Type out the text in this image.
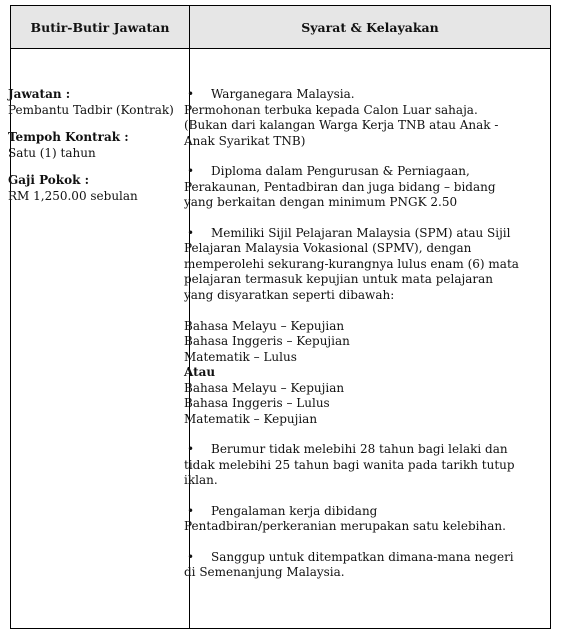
Butir-Butir Jawatan	Syarat & Kelayakan
Jawatan :
Pembantu Tadbir (Kontrak)
Tempoh Kontrak :
Satu (1) tahun
Gaji Pokok :
RM 1,250.00 sebulan

• Warganegara Malaysia.

Permohonan terbuka kepada Calon Luar sahaja.

(Bukan dari kalangan Warga Kerja TNB atau Anak - Anak Syarikat TNB)

• Diploma dalam Pengurusan & Perniagaan, Perakaunan, Pentadbiran dan juga bidang – bidang yang berkaitan dengan minimum PNGK 2.50

• Memiliki Sijil Pelajaran Malaysia (SPM) atau Sijil Pelajaran Malaysia Vokasional (SPMV), dengan memperolehi sekurang-kurangnya lulus enam (6) mata pelajaran termasuk kepujian untuk mata pelajaran yang disyaratkan seperti dibawah:

Bahasa Melayu – Kepujian

Bahasa Inggeris – Kepujian

Matematik – Lulus

Atau

Bahasa Melayu – Kepujian

Bahasa Inggeris – Lulus

Matematik – Kepujian

• Berumur tidak melebihi 28 tahun bagi lelaki dan tidak melebihi 25 tahun bagi wanita pada tarikh tutup iklan.

• Pengalaman kerja dibidang Pentadbiran/perkeranian merupakan satu kelebihan.

• Sanggup untuk ditempatkan dimana-mana negeri di Semenanjung Malaysia.
